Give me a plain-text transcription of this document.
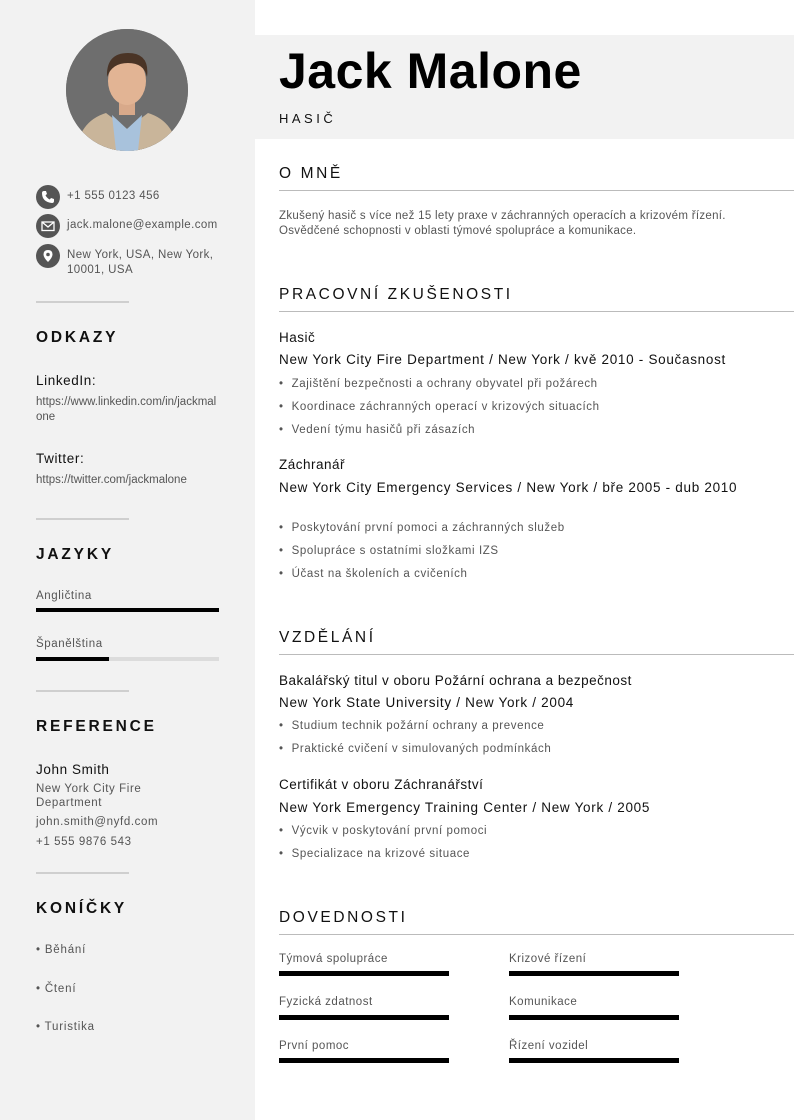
+1 555 0123 456
jack.malone@example.com
New York, USA, New York, 10001, USA
ODKAZY
LinkedIn:
https://www.linkedin.com/in/jackmalone
Twitter:
https://twitter.com/jackmalone
JAZYKY
Angličtina
Španělština
REFERENCE
John Smith
New York City Fire Department
john.smith@nyfd.com
+1 555 9876 543
KONÍČKY
• Běhání
• Čtení
• Turistika
Jack Malone
HASIČ
O MNĚ
Zkušený hasič s více než 15 lety praxe v záchranných operacích a krizovém řízení. Osvědčené schopnosti v oblasti týmové spolupráce a komunikace.
PRACOVNÍ ZKUŠENOSTI
Hasič
New York City Fire Department / New York / kvě 2010 - Současnost
• Zajištění bezpečnosti a ochrany obyvatel při požárech
• Koordinace záchranných operací v krizových situacích
• Vedení týmu hasičů při zásazích
Záchranář
New York City Emergency Services / New York / bře 2005 - dub 2010
• Poskytování první pomoci a záchranných služeb
• Spolupráce s ostatními složkami IZS
• Účast na školeních a cvičeních
VZDĚLÁNÍ
Bakalářský titul v oboru Požární ochrana a bezpečnost
New York State University / New York / 2004
• Studium technik požární ochrany a prevence
• Praktické cvičení v simulovaných podmínkách
Certifikát v oboru Záchranářství
New York Emergency Training Center / New York / 2005
• Výcvik v poskytování první pomoci
• Specializace na krizové situace
DOVEDNOSTI
Týmová spolupráce	Krizové řízení
Fyzická zdatnost	Komunikace
První pomoc	Řízení vozidel
